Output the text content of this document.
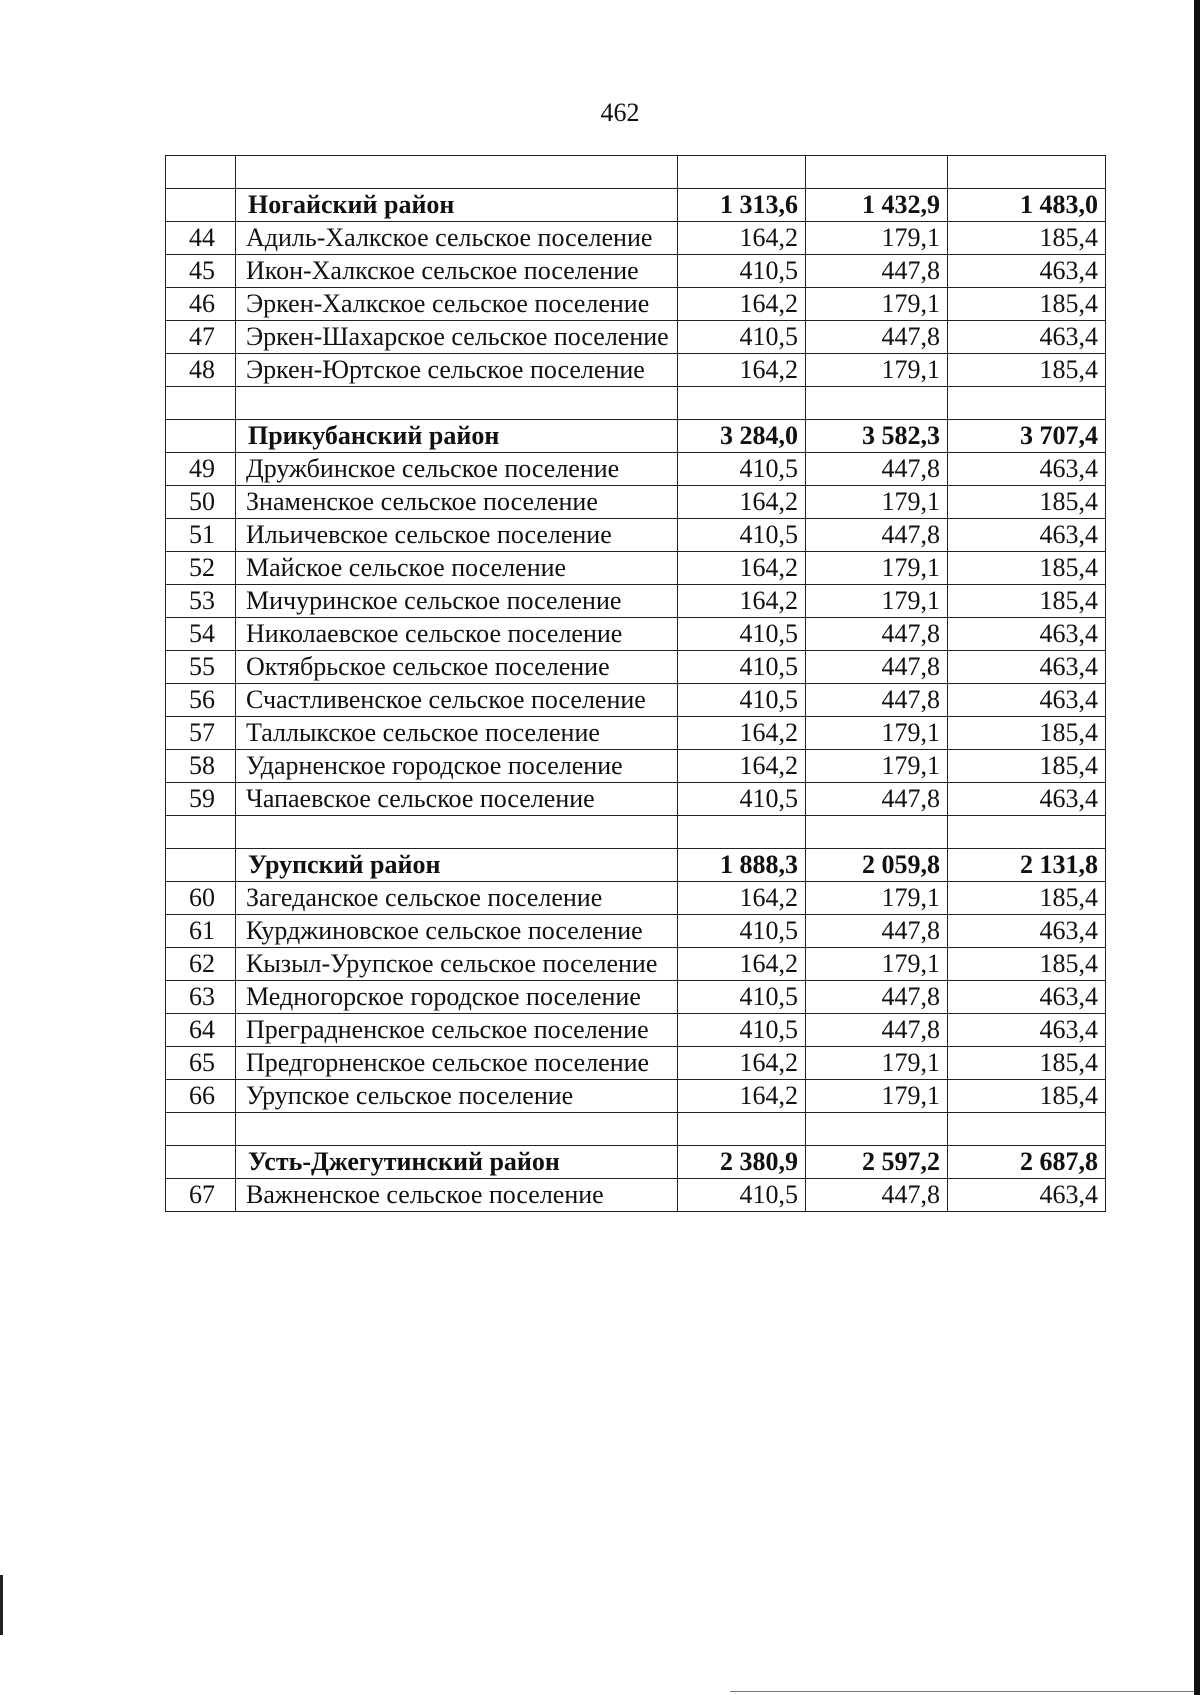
462

	Ногайский район	1 313,6	1 432,9	1 483,0
44	Адиль-Халкское сельское поселение	164,2	179,1	185,4
45	Икон-Халкское сельское поселение	410,5	447,8	463,4
46	Эркен-Халкское сельское поселение	164,2	179,1	185,4
47	Эркен-Шахарское сельское поселение	410,5	447,8	463,4
48	Эркен-Юртское сельское поселение	164,2	179,1	185,4

	Прикубанский район	3 284,0	3 582,3	3 707,4
49	Дружбинское сельское поселение	410,5	447,8	463,4
50	Знаменское сельское поселение	164,2	179,1	185,4
51	Ильичевское сельское поселение	410,5	447,8	463,4
52	Майское сельское поселение	164,2	179,1	185,4
53	Мичуринское сельское поселение	164,2	179,1	185,4
54	Николаевское сельское поселение	410,5	447,8	463,4
55	Октябрьское сельское поселение	410,5	447,8	463,4
56	Счастливенское сельское поселение	410,5	447,8	463,4
57	Таллыкское сельское поселение	164,2	179,1	185,4
58	Ударненское городское поселение	164,2	179,1	185,4
59	Чапаевское сельское поселение	410,5	447,8	463,4

	Урупский район	1 888,3	2 059,8	2 131,8
60	Загеданское сельское поселение	164,2	179,1	185,4
61	Курджиновское сельское поселение	410,5	447,8	463,4
62	Кызыл-Урупское сельское поселение	164,2	179,1	185,4
63	Медногорское городское поселение	410,5	447,8	463,4
64	Преградненское сельское поселение	410,5	447,8	463,4
65	Предгорненское сельское поселение	164,2	179,1	185,4
66	Урупское сельское поселение	164,2	179,1	185,4

	Усть-Джегутинский район	2 380,9	2 597,2	2 687,8
67	Важненское сельское поселение	410,5	447,8	463,4
